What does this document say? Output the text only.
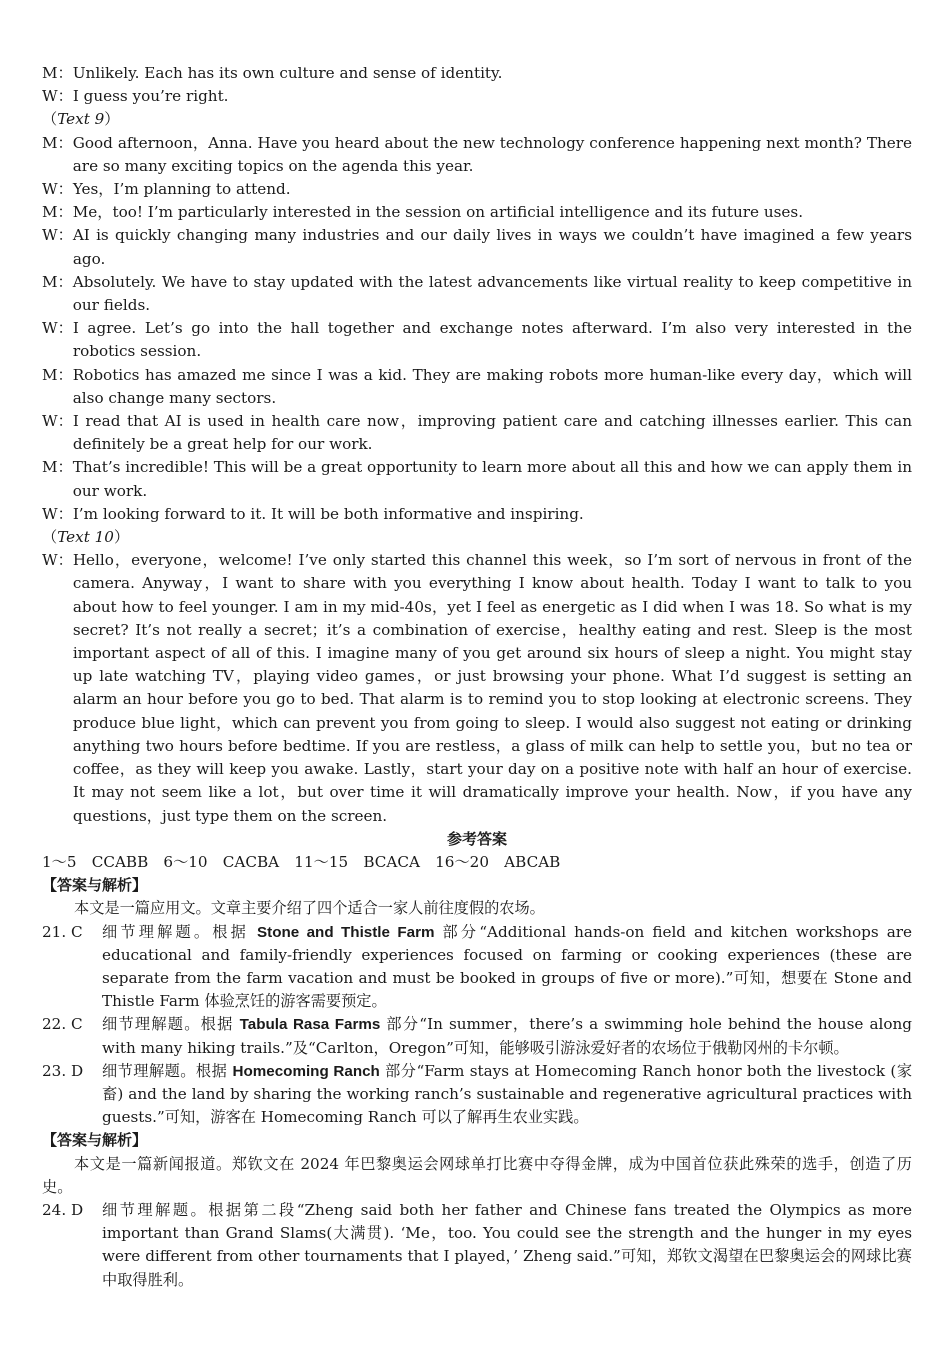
M： Unlikely. Each has its own culture and sense of identity.
W： I guess you’re right.
（Text 9）
M： Good afternoon，Anna. Have you heard about the new technology conference happening next month? There are so many exciting topics on the agenda this year.
W： Yes，I’m planning to attend.
M： Me，too! I’m particularly interested in the session on artificial intelligence and its future uses.
W： AI is quickly changing many industries and our daily lives in ways we couldn’t have imagined a few years ago.
M： Absolutely. We have to stay updated with the latest advancements like virtual reality to keep competitive in our fields.
W： I agree. Let’s go into the hall together and exchange notes afterward. I’m also very interested in the robotics session.
M： Robotics has amazed me since I was a kid. They are making robots more human-like every day，which will also change many sectors.
W： I read that AI is used in health care now，improving patient care and catching illnesses earlier. This can definitely be a great help for our work.
M： That’s incredible! This will be a great opportunity to learn more about all this and how we can apply them in our work.
W： I’m looking forward to it. It will be both informative and inspiring.
（Text 10）
W： Hello，everyone，welcome! I’ve only started this channel this week，so I’m sort of nervous in front of the camera. Anyway，I want to share with you everything I know about health. Today I want to talk to you about how to feel younger. I am in my mid-40s，yet I feel as energetic as I did when I was 18. So what is my secret? It’s not really a secret；it’s a combination of exercise，healthy eating and rest. Sleep is the most important aspect of all of this. I imagine many of you get around six hours of sleep a night. You might stay up late watching TV，playing video games，or just browsing your phone. What I’d suggest is setting an alarm an hour before you go to bed. That alarm is to remind you to stop looking at electronic screens. They produce blue light，which can prevent you from going to sleep. I would also suggest not eating or drinking anything two hours before bedtime. If you are restless，a glass of milk can help to settle you，but no tea or coffee，as they will keep you awake. Lastly，start your day on a positive note with half an hour of exercise. It may not seem like a lot，but over time it will dramatically improve your health. Now，if you have any questions，just type them on the screen.
参考答案
1～5　CCABB　6～10　CACBA　11～15　BCACA　16～20　ABCAB
【答案与解析】
本文是一篇应用文。文章主要介绍了四个适合一家人前往度假的农场。
21. C	细节理解题。根据 Stone and Thistle Farm 部分“Additional hands-on field and kitchen workshops are educational and family-friendly experiences focused on farming or cooking experiences (these are separate from the farm vacation and must be booked in groups of five or more).”可知，想要在 Stone and Thistle Farm 体验烹饪的游客需要预定。
22. C	细节理解题。根据 Tabula Rasa Farms 部分“In summer，there’s a swimming hole behind the house along with many hiking trails.”及“Carlton，Oregon”可知，能够吸引游泳爱好者的农场位于俄勒冈州的卡尔顿。
23. D	细节理解题。根据 Homecoming Ranch 部分“Farm stays at Homecoming Ranch honor both the livestock (家畜) and the land by sharing the working ranch’s sustainable and regenerative agricultural practices with guests.”可知，游客在 Homecoming Ranch 可以了解再生农业实践。
【答案与解析】
本文是一篇新闻报道。郑钦文在 2024 年巴黎奥运会网球单打比赛中夺得金牌，成为中国首位获此殊荣的选手，创造了历史。
24. D	细节理解题。根据第二段“Zheng said both her father and Chinese fans treated the Olympics as more important than Grand Slams(大满贯). ‘Me，too. You could see the strength and the hunger in my eyes were different from other tournaments that I played，’ Zheng said.”可知，郑钦文渴望在巴黎奥运会的网球比赛中取得胜利。
